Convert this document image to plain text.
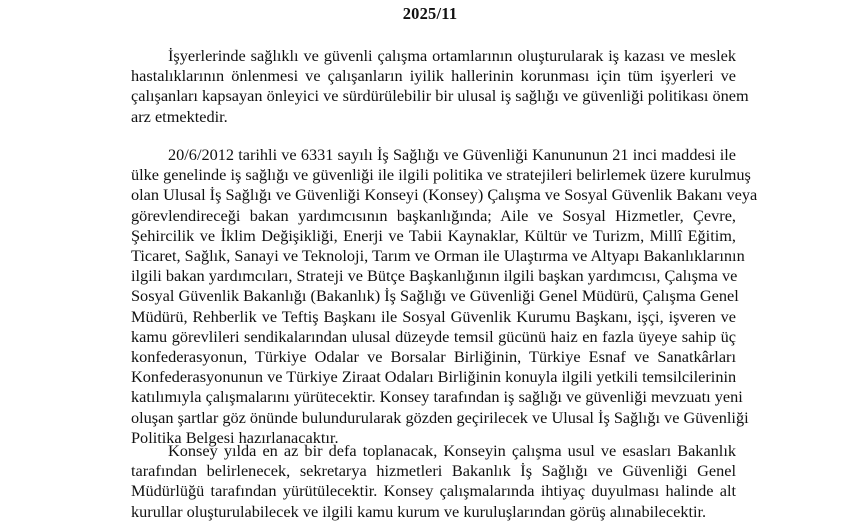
2025/11
İşyerlerinde sağlıklı ve güvenli çalışma ortamlarının oluşturularak iş kazası ve meslek
hastalıklarının önlenmesi ve çalışanların iyilik hallerinin korunması için tüm işyerleri ve
çalışanları kapsayan önleyici ve sürdürülebilir bir ulusal iş sağlığı ve güvenliği politikası önem
arz etmektedir.
20/6/2012 tarihli ve 6331 sayılı İş Sağlığı ve Güvenliği Kanununun 21 inci maddesi ile
ülke genelinde iş sağlığı ve güvenliği ile ilgili politika ve stratejileri belirlemek üzere kurulmuş
olan Ulusal İş Sağlığı ve Güvenliği Konseyi (Konsey) Çalışma ve Sosyal Güvenlik Bakanı veya
görevlendireceği bakan yardımcısının başkanlığında; Aile ve Sosyal Hizmetler, Çevre,
Şehircilik ve İklim Değişikliği, Enerji ve Tabii Kaynaklar, Kültür ve Turizm, Millî Eğitim,
Ticaret, Sağlık, Sanayi ve Teknoloji, Tarım ve Orman ile Ulaştırma ve Altyapı Bakanlıklarının
ilgili bakan yardımcıları, Strateji ve Bütçe Başkanlığının ilgili başkan yardımcısı, Çalışma ve
Sosyal Güvenlik Bakanlığı (Bakanlık) İş Sağlığı ve Güvenliği Genel Müdürü, Çalışma Genel
Müdürü, Rehberlik ve Teftiş Başkanı ile Sosyal Güvenlik Kurumu Başkanı, işçi, işveren ve
kamu görevlileri sendikalarından ulusal düzeyde temsil gücünü haiz en fazla üyeye sahip üç
konfederasyonun, Türkiye Odalar ve Borsalar Birliğinin, Türkiye Esnaf ve Sanatkârları
Konfederasyonunun ve Türkiye Ziraat Odaları Birliğinin konuyla ilgili yetkili temsilcilerinin
katılımıyla çalışmalarını yürütecektir. Konsey tarafından iş sağlığı ve güvenliği mevzuatı yeni
oluşan şartlar göz önünde bulundurularak gözden geçirilecek ve Ulusal İş Sağlığı ve Güvenliği
Politika Belgesi hazırlanacaktır.
Konsey yılda en az bir defa toplanacak, Konseyin çalışma usul ve esasları Bakanlık
tarafından belirlenecek, sekretarya hizmetleri Bakanlık İş Sağlığı ve Güvenliği Genel
Müdürlüğü tarafından yürütülecektir. Konsey çalışmalarında ihtiyaç duyulması halinde alt
kurullar oluşturulabilecek ve ilgili kamu kurum ve kuruluşlarından görüş alınabilecektir.
